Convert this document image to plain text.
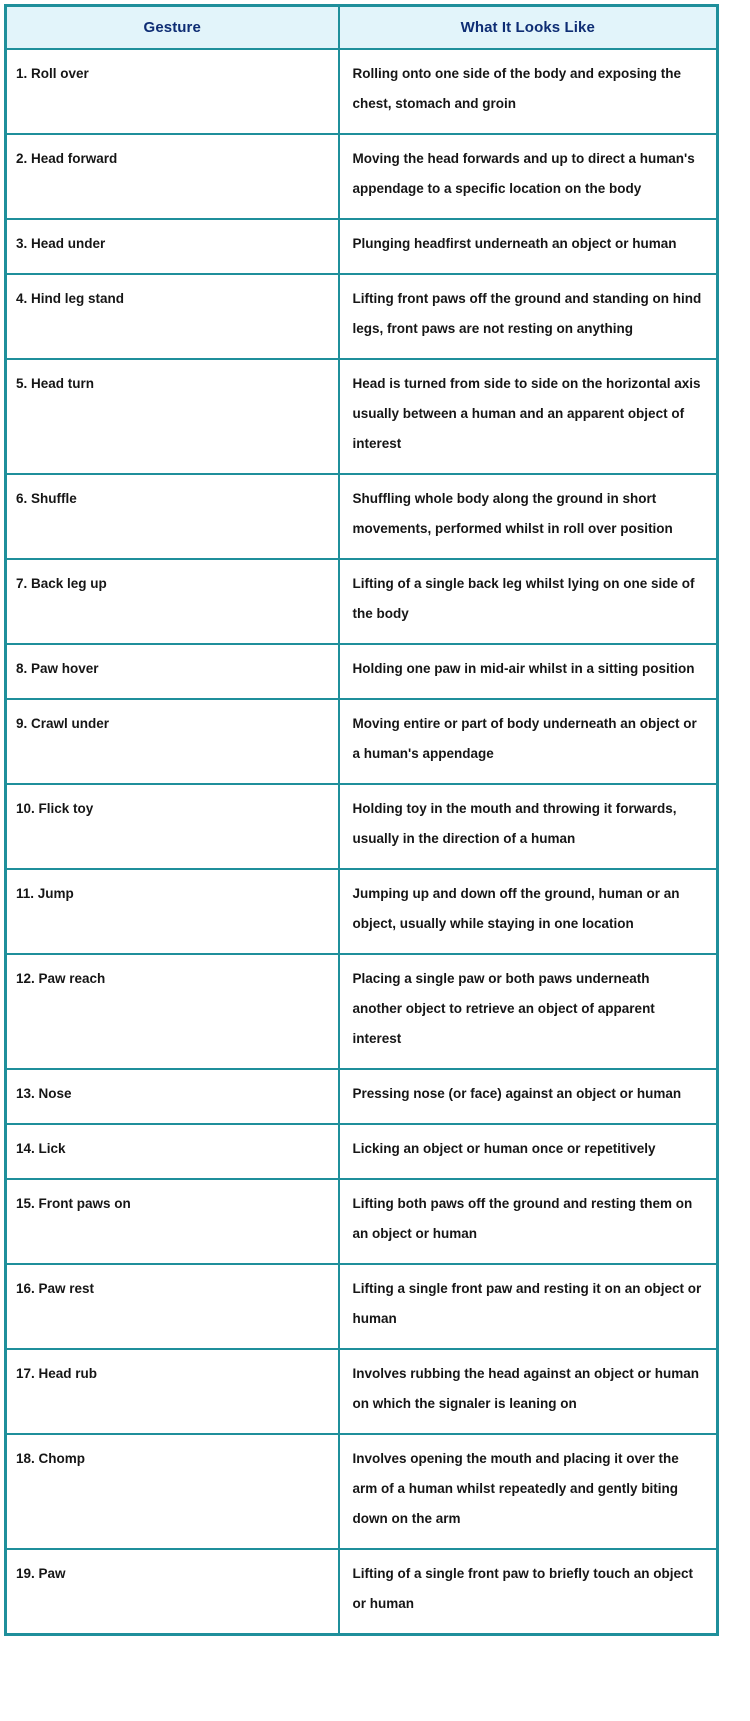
Gesture	What It Looks Like
1. Roll over	Rolling onto one side of the body and exposing the chest, stomach and groin
2. Head forward	Moving the head forwards and up to direct a human's appendage to a specific location on the body
3. Head under	Plunging headfirst underneath an object or human
4. Hind leg stand	Lifting front paws off the ground and standing on hind legs, front paws are not resting on anything
5. Head turn	Head is turned from side to side on the horizontal axis usually between a human and an apparent object of interest
6. Shuffle	Shuffling whole body along the ground in short movements, performed whilst in roll over position
7. Back leg up	Lifting of a single back leg whilst lying on one side of the body
8. Paw hover	Holding one paw in mid-air whilst in a sitting position
9. Crawl under	Moving entire or part of body underneath an object or a human's appendage
10. Flick toy	Holding toy in the mouth and throwing it forwards, usually in the direction of a human
11. Jump	Jumping up and down off the ground, human or an object, usually while staying in one location
12. Paw reach	Placing a single paw or both paws underneath another object to retrieve an object of apparent interest
13. Nose	Pressing nose (or face) against an object or human
14. Lick	Licking an object or human once or repetitively
15. Front paws on	Lifting both paws off the ground and resting them on an object or human
16. Paw rest	Lifting a single front paw and resting it on an object or human
17. Head rub	Involves rubbing the head against an object or human on which the signaler is leaning on
18. Chomp	Involves opening the mouth and placing it over the arm of a human whilst repeatedly and gently biting down on the arm
19. Paw	Lifting of a single front paw to briefly touch an object or human
